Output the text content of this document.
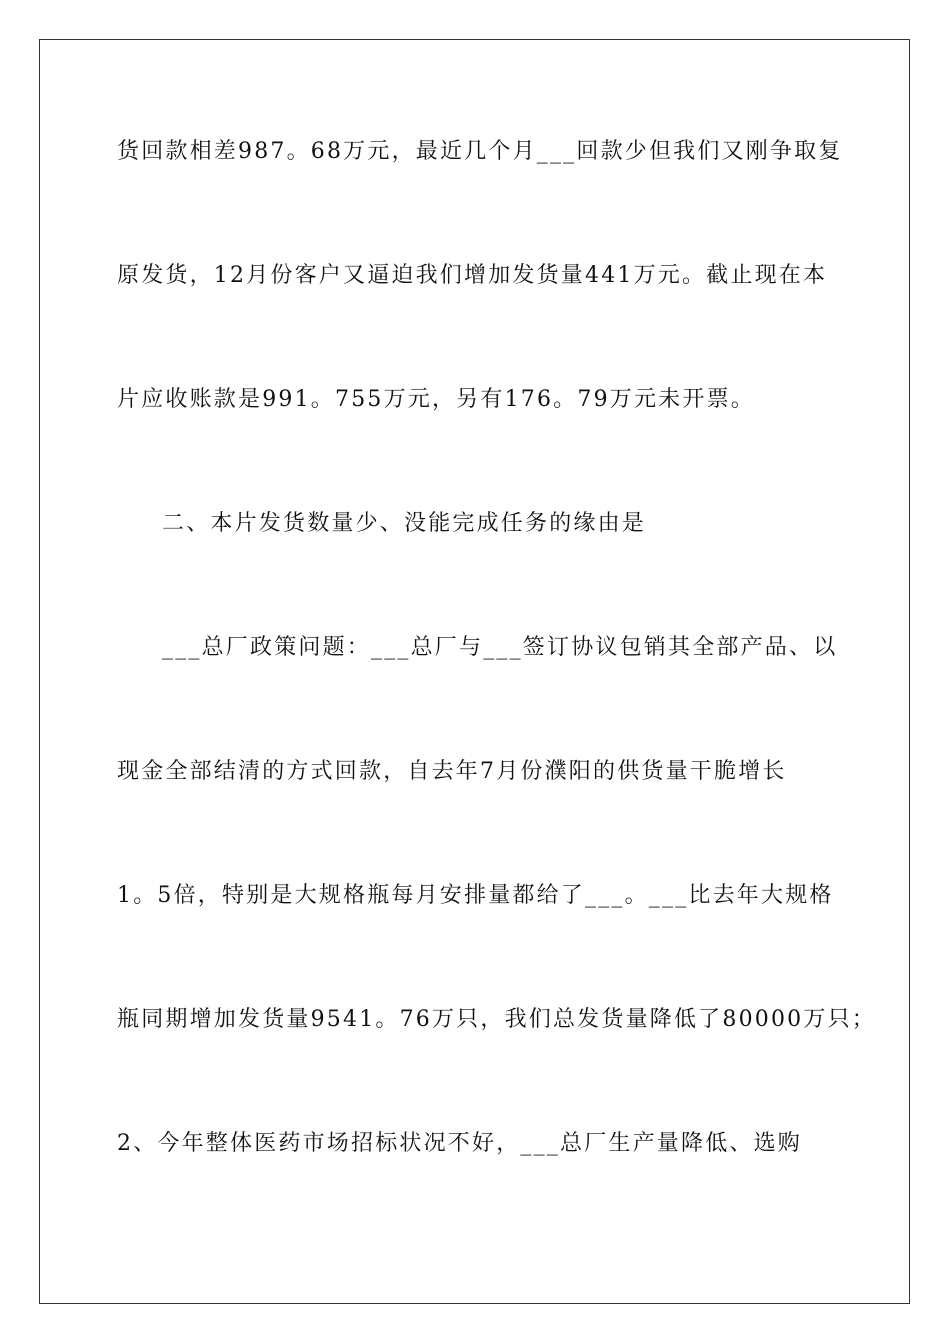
货回款相差987。68万元，最近几个月___回款少但我们又刚争取复
原发货，12月份客户又逼迫我们增加发货量441万元。截止现在本
片应收账款是991。755万元，另有176。79万元未开票。
二、本片发货数量少、没能完成任务的缘由是
___总厂政策问题：___总厂与___签订协议包销其全部产品、以
现金全部结清的方式回款，自去年7月份濮阳的供货量干脆增长
1。5倍，特别是大规格瓶每月安排量都给了___。___比去年大规格
瓶同期增加发货量9541。76万只，我们总发货量降低了80000万只；
2、今年整体医药市场招标状况不好，___总厂生产量降低、选购
